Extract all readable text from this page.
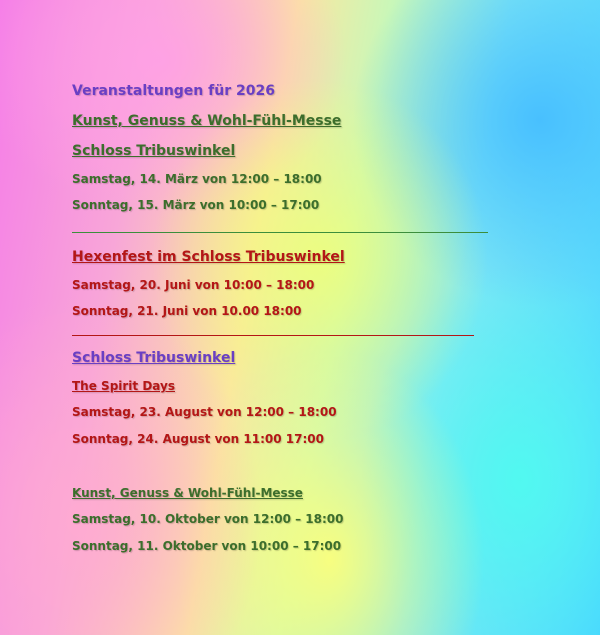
Veranstaltungen für 2026
Kunst, Genuss & Wohl-Fühl-Messe
Schloss Tribuswinkel
Samstag, 14. März von 12:00 – 18:00
Sonntag, 15. März von 10:00 – 17:00
Hexenfest im Schloss Tribuswinkel
Samstag, 20. Juni von 10:00 – 18:00
Sonntag, 21. Juni von 10.00 18:00
Schloss Tribuswinkel
The Spirit Days
Samstag, 23. August von 12:00 – 18:00
Sonntag, 24. August von 11:00 17:00
Kunst, Genuss & Wohl-Fühl-Messe
Samstag, 10. Oktober von 12:00 – 18:00
Sonntag, 11. Oktober von 10:00 – 17:00
